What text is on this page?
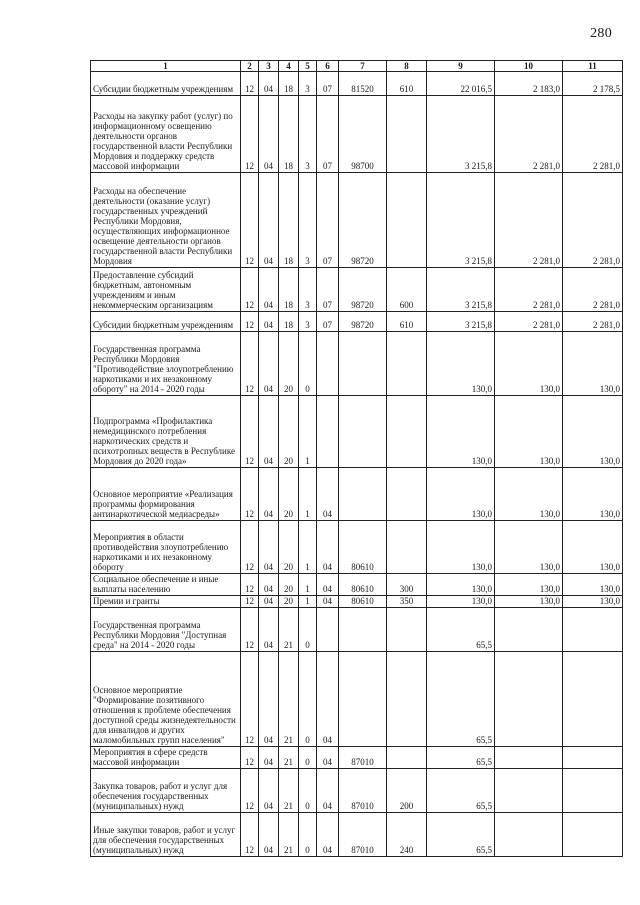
280
1	2	3	4	5	6	7	8	9	10	11
Субсидии бюджетным учреждениям	12	04	18	3	07	81520	610	22 016,5	2 183,0	2 178,5
Расходы на закупку работ (услуг) по информационному освещению деятельности органов государственной власти Республики Мордовия и поддержку средств массовой информации	12	04	18	3	07	98700		3 215,8	2 281,0	2 281,0
Расходы на обеспечение деятельности (оказание услуг) государственных учреждений Республики Мордовия, осуществляющих информационное освещение деятельности органов государственной власти Республики Мордовия	12	04	18	3	07	98720		3 215,8	2 281,0	2 281,0
Предоставление субсидий бюджетным, автономным учреждениям и иным некоммерческим организациям	12	04	18	3	07	98720	600	3 215,8	2 281,0	2 281,0
Субсидии бюджетным учреждениям	12	04	18	3	07	98720	610	3 215,8	2 281,0	2 281,0
Государственная программа Республики Мордовия "Противодействие злоупотреблению наркотиками и их незаконному обороту" на 2014 - 2020 годы	12	04	20	0				130,0	130,0	130,0
Подпрограмма «Профилактика немедицинского потребления наркотических средств и психотропных веществ в Республике Мордовия до 2020 года»	12	04	20	1				130,0	130,0	130,0
Основное мероприятие «Реализация программы формирования антинаркотической медиасреды»	12	04	20	1	04			130,0	130,0	130,0
Мероприятия в области противодействия злоупотреблению наркотиками и их незаконному обороту	12	04	20	1	04	80610		130,0	130,0	130,0
Социальное обеспечение и иные выплаты населению	12	04	20	1	04	80610	300	130,0	130,0	130,0
Премии и гранты	12	04	20	1	04	80610	350	130,0	130,0	130,0
Государственная программа Республики Мордовия "Доступная среда" на 2014 - 2020 годы	12	04	21	0				65,5		
Основное мероприятие "Формирование позитивного отношения к проблеме обеспечения доступной среды жизнедеятельности для инвалидов и других маломобильных групп населения"	12	04	21	0	04			65,5		
Мероприятия в сфере средств массовой информации	12	04	21	0	04	87010		65,5		
Закупка товаров, работ и услуг для обеспечения государственных (муниципальных) нужд	12	04	21	0	04	87010	200	65,5		
Иные закупки товаров, работ и услуг для обеспечения государственных (муниципальных) нужд	12	04	21	0	04	87010	240	65,5		
